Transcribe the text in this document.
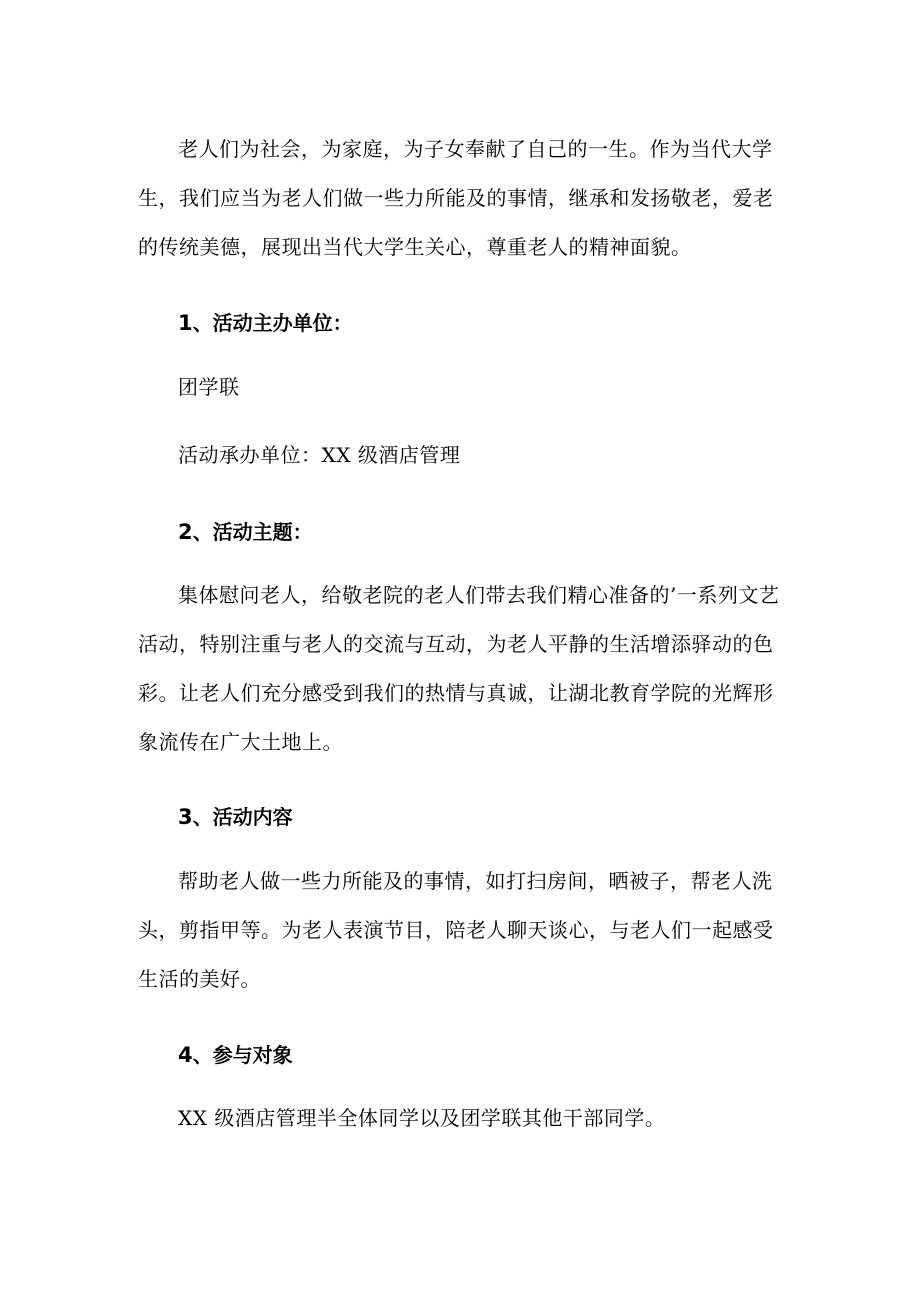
老人们为社会，为家庭，为子女奉献了自己的一生。作为当代大学生，我们应当为老人们做一些力所能及的事情，继承和发扬敬老，爱老的传统美德，展现出当代大学生关心，尊重老人的精神面貌。

1、活动主办单位：

团学联

活动承办单位：XX 级酒店管理

2、活动主题：

集体慰问老人，给敬老院的老人们带去我们精心准备的’一系列文艺活动，特别注重与老人的交流与互动，为老人平静的生活增添驿动的色彩。让老人们充分感受到我们的热情与真诚，让湖北教育学院的光辉形象流传在广大土地上。

3、活动内容

帮助老人做一些力所能及的事情，如打扫房间，晒被子，帮老人洗头，剪指甲等。为老人表演节目，陪老人聊天谈心，与老人们一起感受生活的美好。

4、参与对象

XX 级酒店管理半全体同学以及团学联其他干部同学。
